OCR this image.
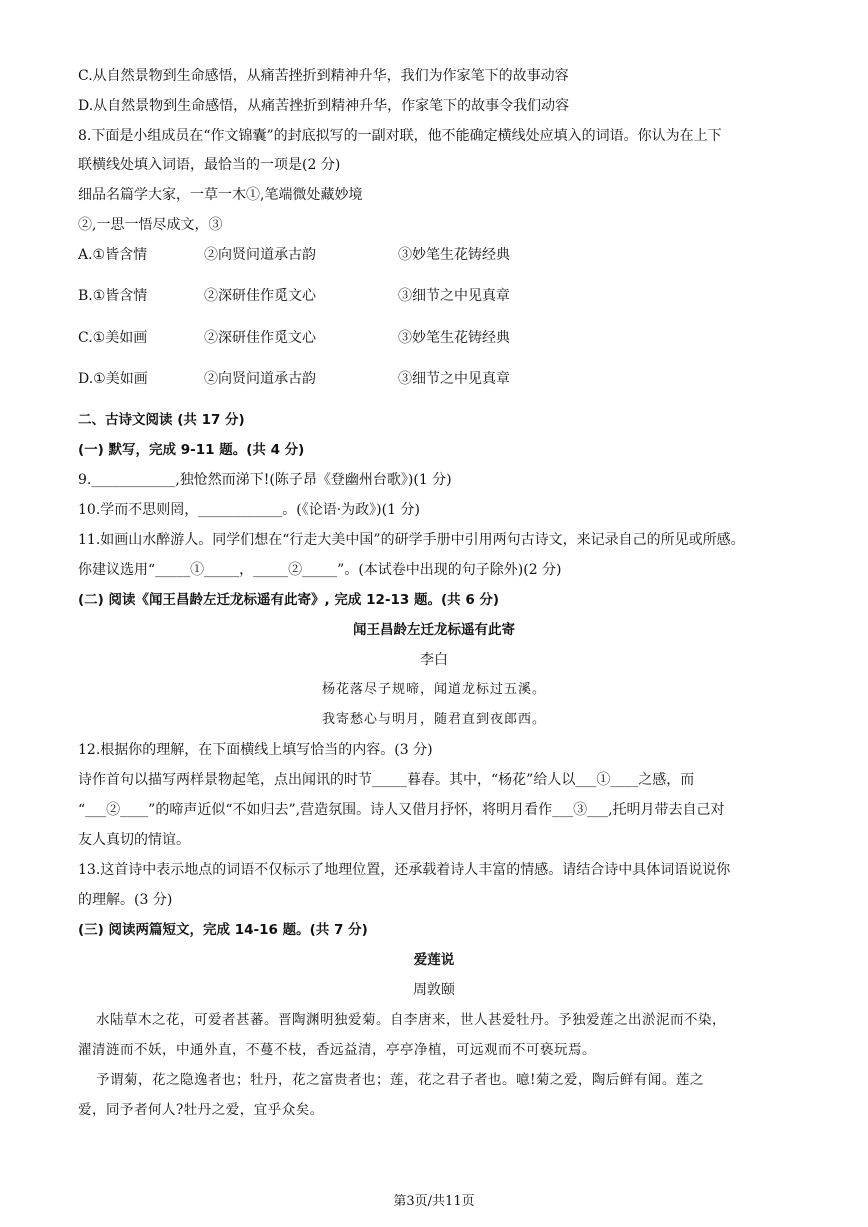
C.从自然景物到生命感悟，从痛苦挫折到精神升华，我们为作家笔下的故事动容
D.从自然景物到生命感悟，从痛苦挫折到精神升华，作家笔下的故事令我们动容
8.下面是小组成员在“作文锦囊”的封底拟写的一副对联，他不能确定横线处应填入的词语。你认为在上下
联横线处填入词语，最恰当的一项是(2 分)
细品名篇学大家，一草一木①,笔端微处藏妙境
②,一思一悟尽成文，③
A.①皆含情	②向贤问道承古韵	③妙笔生花铸经典
B.①皆含情	②深研佳作觅文心	③细节之中见真章
C.①美如画	②深研佳作觅文心	③妙笔生花铸经典
D.①美如画	②向贤问道承古韵	③细节之中见真章
二、古诗文阅读 (共 17 分)
(一) 默写，完成 9-11 题。(共 4 分)
9.____________,独怆然而涕下!(陈子昂《登幽州台歌》)(1 分)
10.学而不思则罔，____________。(《论语·为政》)(1 分)
11.如画山水醉游人。同学们想在“行走大美中国”的研学手册中引用两句古诗文，来记录自己的所见或所感。
你建议选用“_____①_____，_____②_____”。(本试卷中出现的句子除外)(2 分)
(二) 阅读《闻王昌龄左迁龙标遥有此寄》, 完成 12-13 题。(共 6 分)
闻王昌龄左迁龙标遥有此寄
李白
杨花落尽子规啼，闻道龙标过五溪。
我寄愁心与明月，随君直到夜郎西。
12.根据你的理解，在下面横线上填写恰当的内容。(3 分)
诗作首句以描写两样景物起笔，点出闻讯的时节_____暮春。其中，“杨花”给人以___①____之感，而
“___②____”的啼声近似“不如归去”,营造氛围。诗人又借月抒怀，将明月看作___③___,托明月带去自己对
友人真切的情谊。
13.这首诗中表示地点的词语不仅标示了地理位置，还承载着诗人丰富的情感。请结合诗中具体词语说说你
的理解。(3 分)
(三) 阅读两篇短文，完成 14-16 题。(共 7 分)
爱莲说
周敦颐
水陆草木之花，可爱者甚蕃。晋陶渊明独爱菊。自李唐来，世人甚爱牡丹。予独爱莲之出淤泥而不染，
濯清涟而不妖，中通外直，不蔓不枝，香远益清，亭亭净植，可远观而不可亵玩焉。
予谓菊，花之隐逸者也；牡丹，花之富贵者也；莲，花之君子者也。噫!菊之爱，陶后鲜有闻。莲之
爱，同予者何人?牡丹之爱，宜乎众矣。
第3页/共11页
